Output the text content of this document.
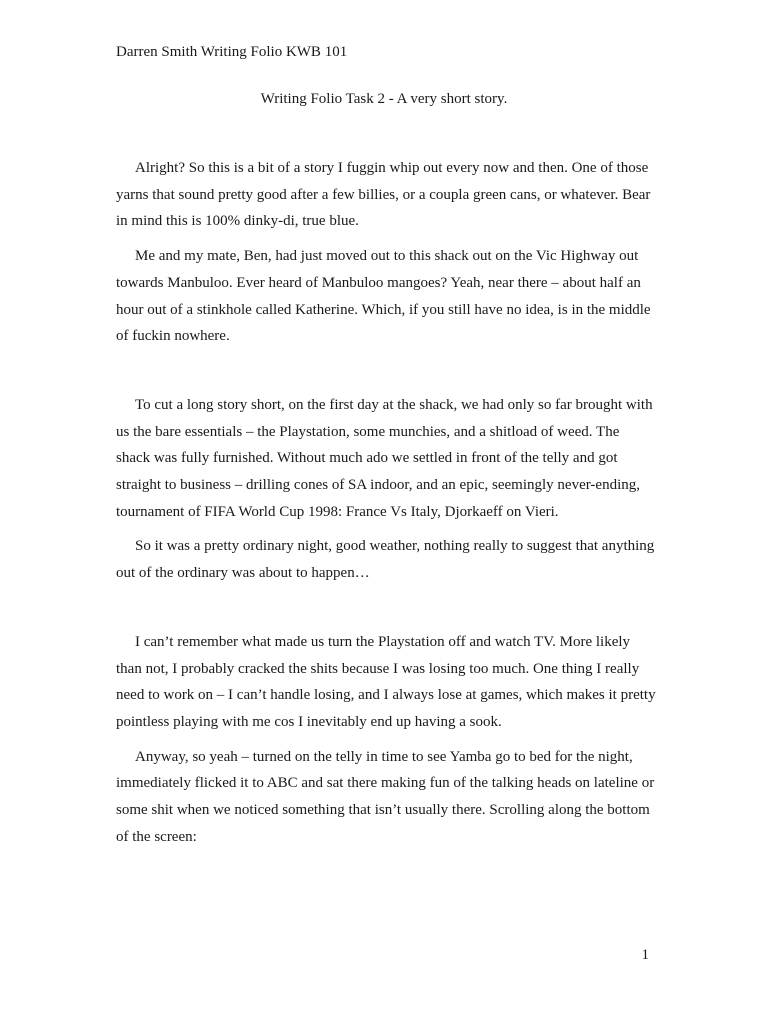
Darren Smith Writing Folio KWB 101
Writing Folio Task 2 - A very short story.

Alright? So this is a bit of a story I fuggin whip out every now and then. One of those yarns that sound pretty good after a few billies, or a coupla green cans, or whatever. Bear in mind this is 100% dinky-di, true blue.

Me and my mate, Ben, had just moved out to this shack out on the Vic Highway out towards Manbuloo. Ever heard of Manbuloo mangoes? Yeah, near there – about half an hour out of a stinkhole called Katherine. Which, if you still have no idea, is in the middle of fuckin nowhere.

To cut a long story short, on the first day at the shack, we had only so far brought with us the bare essentials – the Playstation, some munchies, and a shitload of weed. The shack was fully furnished. Without much ado we settled in front of the telly and got straight to business – drilling cones of SA indoor, and an epic, seemingly never-ending, tournament of FIFA World Cup 1998: France Vs Italy, Djorkaeff on Vieri.

So it was a pretty ordinary night, good weather, nothing really to suggest that anything out of the ordinary was about to happen…

I can’t remember what made us turn the Playstation off and watch TV. More likely than not, I probably cracked the shits because I was losing too much. One thing I really need to work on – I can’t handle losing, and I always lose at games, which makes it pretty pointless playing with me cos I inevitably end up having a sook.

Anyway, so yeah – turned on the telly in time to see Yamba go to bed for the night, immediately flicked it to ABC and sat there making fun of the talking heads on lateline or some shit when we noticed something that isn’t usually there. Scrolling along the bottom of the screen:

1
